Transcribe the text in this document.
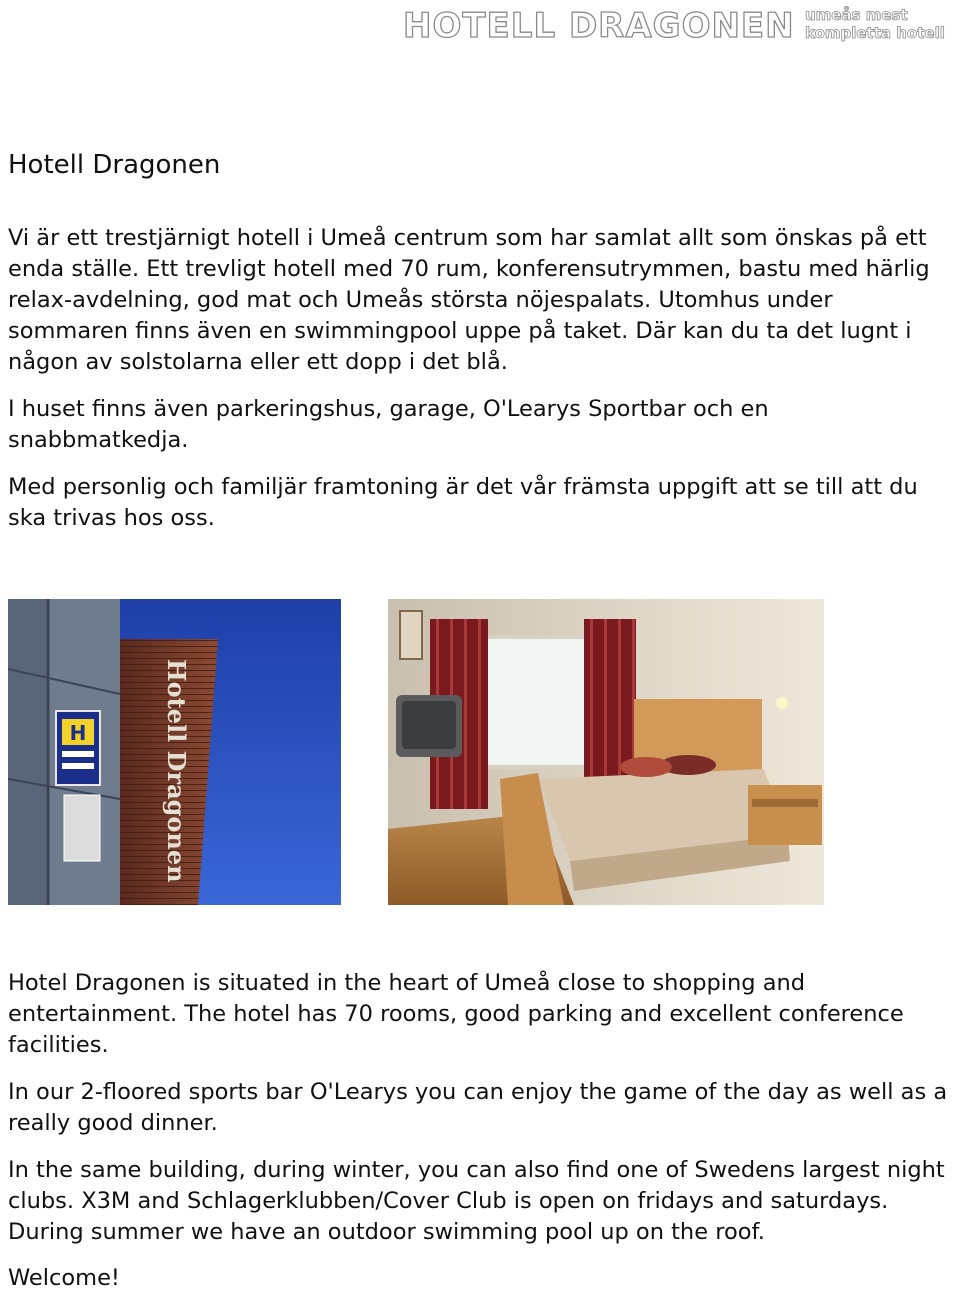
HOTELL DRAGONEN umeås mest
kompletta hotell
Hotell Dragonen

Vi är ett trestjärnigt hotell i Umeå centrum som har samlat allt som önskas på ett enda ställe. Ett trevligt hotell med 70 rum, konferensutrymmen, bastu med härlig relax-avdelning, god mat och Umeås största nöjespalats. Utomhus under sommaren finns även en swimmingpool uppe på taket. Där kan du ta det lugnt i någon av solstolarna eller ett dopp i det blå.

I huset finns även parkeringshus, garage, O'Learys Sportbar och en snabbmatkedja.

Med personlig och familjär framtoning är det vår främsta uppgift att se till att du ska trivas hos oss.

H	Hotell Dragonen

Hotel Dragonen is situated in the heart of Umeå close to shopping and entertainment. The hotel has 70 rooms, good parking and excellent conference facilities.

In our 2-floored sports bar O'Learys you can enjoy the game of the day as well as a really good dinner.

In the same building, during winter, you can also find one of Swedens largest night clubs. X3M and Schlagerklubben/Cover Club is open on fridays and saturdays. During summer we have an outdoor swimming pool up on the roof.

Welcome!
